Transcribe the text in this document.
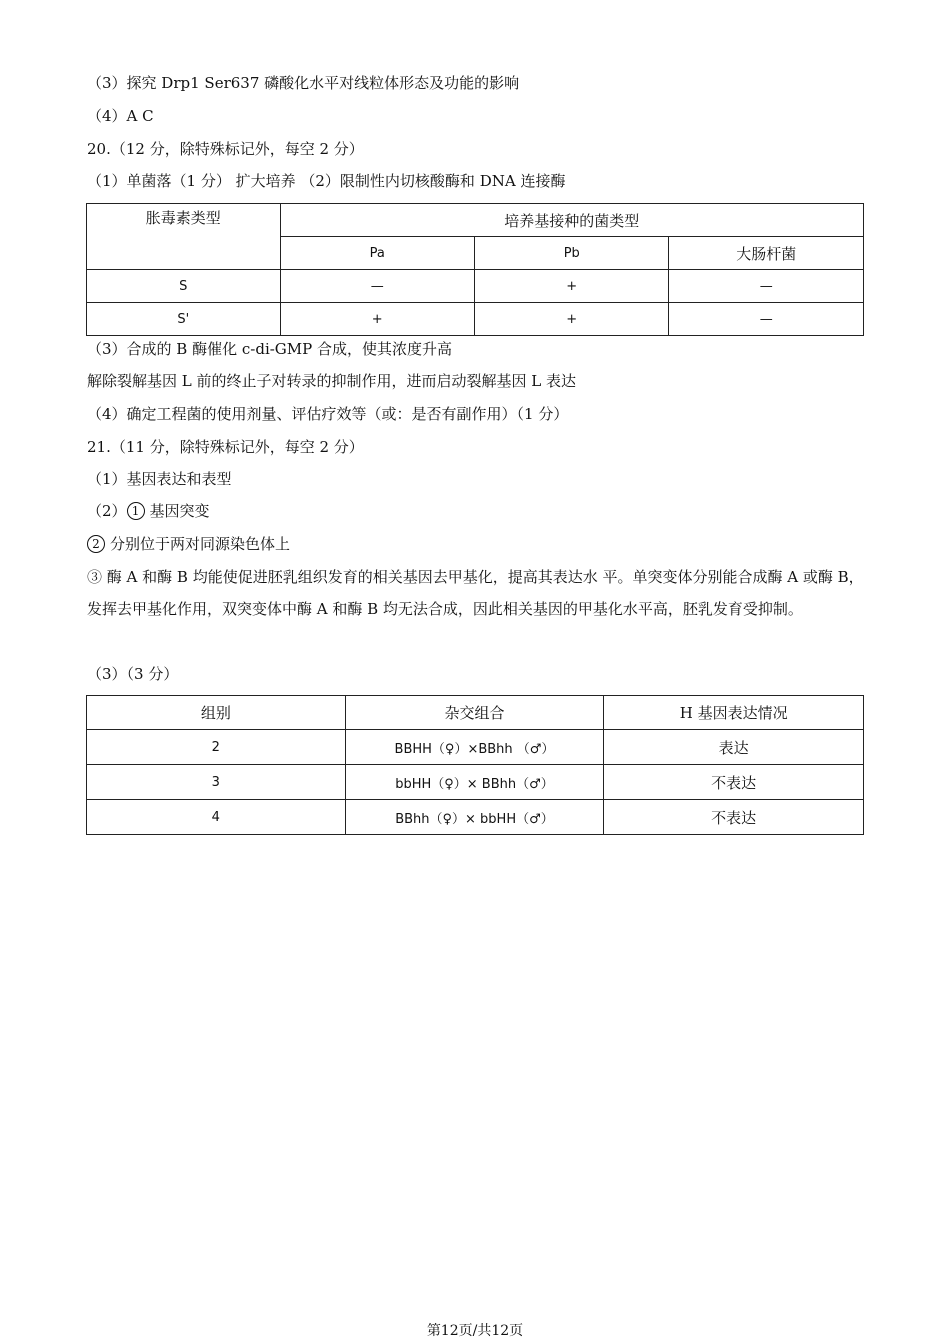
（3）探究 Drp1 Ser637 磷酸化水平对线粒体形态及功能的影响
（4）A C
20.（12 分，除特殊标记外，每空 2 分）
（1）单菌落（1 分） 扩大培养 （2）限制性内切核酸酶和 DNA 连接酶
胀毒素类型	培养基接种的菌类型		
	Pa	Pb	大肠杆菌
S	—	+	—
S'	+	+	—
（3）合成的 B 酶催化 c-di-GMP 合成，使其浓度升高
解除裂解基因 L 前的终止子对转录的抑制作用，进而启动裂解基因 L 表达
（4）确定工程菌的使用剂量、评估疗效等（或：是否有副作用）（1 分）
21.（11 分，除特殊标记外，每空 2 分）
（1）基因表达和表型
（2） 1 基因突变
2 分别位于两对同源染色体上
③ 酶 A 和酶 B 均能使促进胚乳组织发育的相关基因去甲基化，提高其表达水 平。单突变体分别能合成酶 A 或酶 B，发挥去甲基化作用，双突变体中酶 A 和酶 B 均无法合成，因此相关基因的甲基化水平高，胚乳发育受抑制。
（3）（3 分）
组别	杂交组合	H 基因表达情况
2	BBHH（♀）×BBhh （♂）	表达
3	bbHH（♀）× BBhh（♂）	不表达
4	BBhh（♀）× bbHH（♂）	不表达
第12页/共12页
